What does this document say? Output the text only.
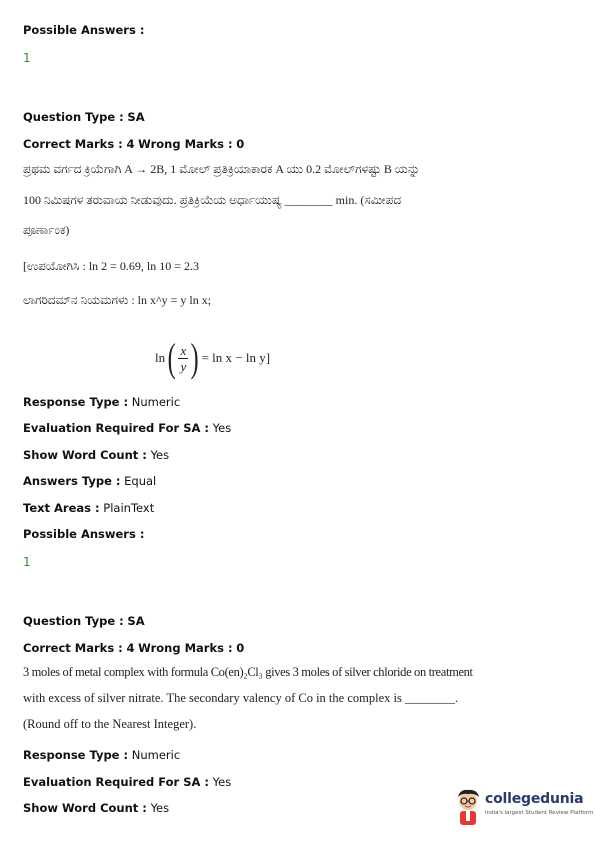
Possible Answers :
1
Question Type : SA
Correct Marks : 4 Wrong Marks : 0
ಪ್ರಥಮ ವರ್ಗದ ಕ್ರಿಯೆಗಾಗಿ A → 2B, 1 ಮೋಲ್ ಪ್ರತಿಕ್ರಿಯಾಕಾರಕ A ಯು 0.2 ಮೋಲ್‌ಗಳಷ್ಟು B ಯನ್ನು
100 ನಿಮಿಷಗಳ ತರುವಾಯ ನೀಡುವುದು. ಪ್ರತಿಕ್ರಿಯೆಯ ಅರ್ಧಾಯುಷ್ಯ ________ min. (ಸಮೀಪದ
ಪೂರ್ಣಾಂಕ)
[ಉಪಯೋಗಿಸಿ : ln 2 = 0.69, ln 10 = 2.3
ಲಾಗರಿದಮ್‌ನ ನಿಯಮಗಳು : ln x^y = y ln x;
ln ( $\frac{x}{y}$ ) = ln x − ln y]
Response Type : Numeric
Evaluation Required For SA : Yes
Show Word Count : Yes
Answers Type : Equal
Text Areas : PlainText
Possible Answers :
1
Question Type : SA
Correct Marks : 4 Wrong Marks : 0
3 moles of metal complex with formula Co(en)₂Cl₃ gives 3 moles of silver chloride on treatment
with excess of silver nitrate. The secondary valency of Co in the complex is ________.
(Round off to the Nearest Integer).
Response Type : Numeric
Evaluation Required For SA : Yes
Show Word Count : Yes
collegedunia
India's largest Student Review Platform
